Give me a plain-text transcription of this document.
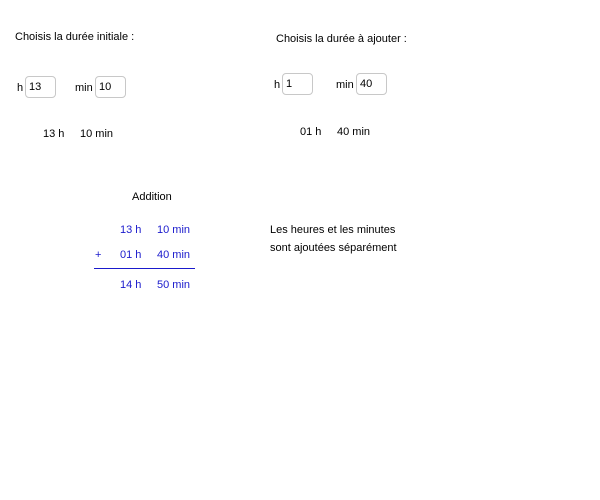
Choisis la durée initiale :
h
13	min
10
13 h 10 min
Choisis la durée à ajouter :
h
1	min
40
01 h 40 min
Addition
13 h 10 min
+ 01 h 40 min
14 h 50 min
Les heures et les minutes
sont ajoutées séparément
